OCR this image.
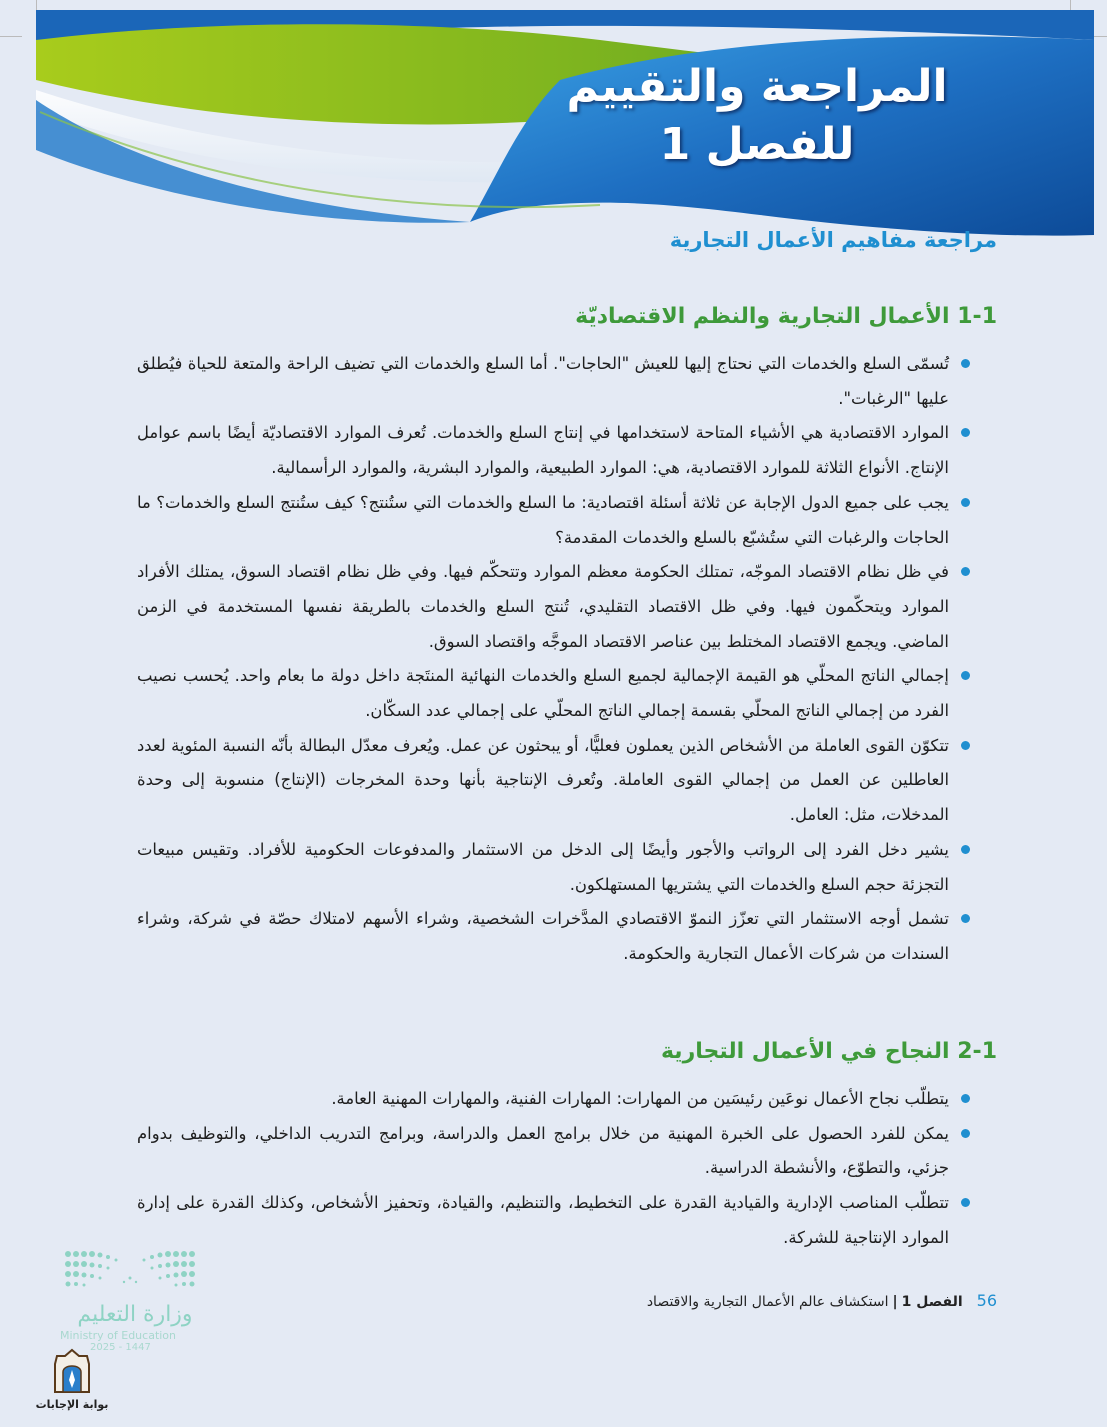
المراجعة والتقييم
للفصل 1
مراجعة مفاهيم الأعمال التجارية
1-1 الأعمال التجارية والنظم الاقتصاديّة
تُسمّى السلع والخدمات التي نحتاج إليها للعيش "الحاجات". أما السلع والخدمات التي تضيف الراحة والمتعة للحياة فيُطلق عليها "الرغبات".
الموارد الاقتصادية هي الأشياء المتاحة لاستخدامها في إنتاج السلع والخدمات. تُعرف الموارد الاقتصاديّة أيضًا باسم عوامل الإنتاج. الأنواع الثلاثة للموارد الاقتصادية، هي: الموارد الطبيعية، والموارد البشرية، والموارد الرأسمالية.
يجب على جميع الدول الإجابة عن ثلاثة أسئلة اقتصادية: ما السلع والخدمات التي ستُنتج؟ كيف ستُنتج السلع والخدمات؟ ما الحاجات والرغبات التي ستُشبّع بالسلع والخدمات المقدمة؟
في ظل نظام الاقتصاد الموجّه، تمتلك الحكومة معظم الموارد وتتحكّم فيها. وفي ظل نظام اقتصاد السوق، يمتلك الأفراد الموارد ويتحكّمون فيها. وفي ظل الاقتصاد التقليدي، تُنتج السلع والخدمات بالطريقة نفسها المستخدمة في الزمن الماضي. ويجمع الاقتصاد المختلط بين عناصر الاقتصاد الموجَّه واقتصاد السوق.
إجمالي الناتج المحلّي هو القيمة الإجمالية لجميع السلع والخدمات النهائية المنتَجة داخل دولة ما بعام واحد. يُحسب نصيب الفرد من إجمالي الناتج المحلّي بقسمة إجمالي الناتج المحلّي على إجمالي عدد السكّان.
تتكوّن القوى العاملة من الأشخاص الذين يعملون فعليًّا، أو يبحثون عن عمل. ويُعرف معدّل البطالة بأنّه النسبة المئوية لعدد العاطلين عن العمل من إجمالي القوى العاملة. وتُعرف الإنتاجية بأنها وحدة المخرجات (الإنتاج) منسوبة إلى وحدة المدخلات، مثل: العامل.
يشير دخل الفرد إلى الرواتب والأجور وأيضًا إلى الدخل من الاستثمار والمدفوعات الحكومية للأفراد. وتقيس مبيعات التجزئة حجم السلع والخدمات التي يشتريها المستهلكون.
تشمل أوجه الاستثمار التي تعزّز النموّ الاقتصادي المدَّخرات الشخصية، وشراء الأسهم لامتلاك حصّة في شركة، وشراء السندات من شركات الأعمال التجارية والحكومة.
2-1 النجاح في الأعمال التجارية
يتطلّب نجاح الأعمال نوعَين رئيسَين من المهارات: المهارات الفنية، والمهارات المهنية العامة.
يمكن للفرد الحصول على الخبرة المهنية من خلال برامج العمل والدراسة، وبرامج التدريب الداخلي، والتوظيف بدوام جزئي، والتطوّع، والأنشطة الدراسية.
تتطلّب المناصب الإدارية والقيادية القدرة على التخطيط، والتنظيم، والقيادة، وتحفيز الأشخاص، وكذلك القدرة على إدارة الموارد الإنتاجية للشركة.
56الفصل 1|استكشاف عالم الأعمال التجارية والاقتصاد
وزارة التعليم
Ministry of Education
2025 - 1447
بوابة الإجابات
